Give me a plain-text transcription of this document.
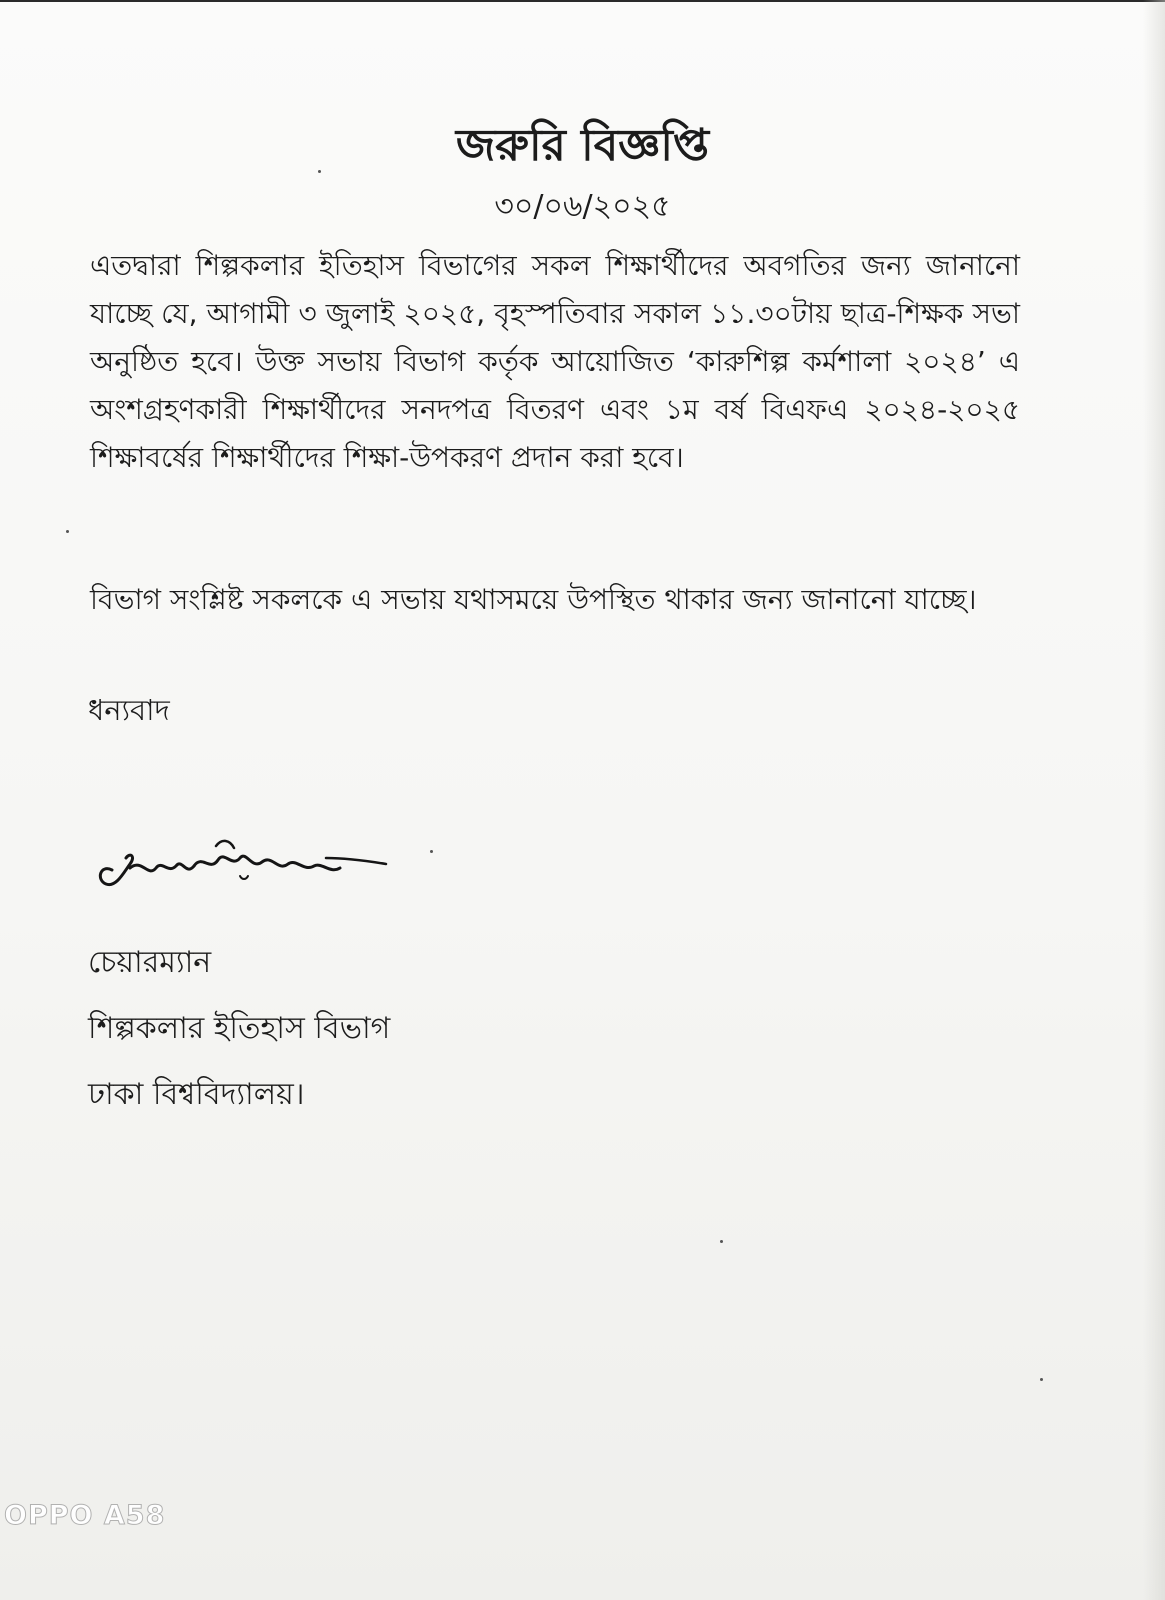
জরুরি বিজ্ঞপ্তি

৩০/০৬/২০২৫

এতদ্বারা শিল্পকলার ইতিহাস বিভাগের সকল শিক্ষার্থীদের অবগতির জন্য জানানো যাচ্ছে যে, আগামী ৩ জুলাই ২০২৫, বৃহস্পতিবার সকাল ১১.৩০টায় ছাত্র-শিক্ষক সভা অনুষ্ঠিত হবে। উক্ত সভায় বিভাগ কর্তৃক আয়োজিত ‘কারুশিল্প কর্মশালা ২০২৪’ এ অংশগ্রহণকারী শিক্ষার্থীদের সনদপত্র বিতরণ এবং ১ম বর্ষ বিএফএ ২০২৪-২০২৫ শিক্ষাবর্ষের শিক্ষার্থীদের শিক্ষা-উপকরণ প্রদান করা হবে।

বিভাগ সংশ্লিষ্ট সকলকে এ সভায় যথাসময়ে উপস্থিত থাকার জন্য জানানো যাচ্ছে।

ধন্যবাদ

চেয়ারম্যান

শিল্পকলার ইতিহাস বিভাগ

ঢাকা বিশ্ববিদ্যালয়।

OPPO A58
